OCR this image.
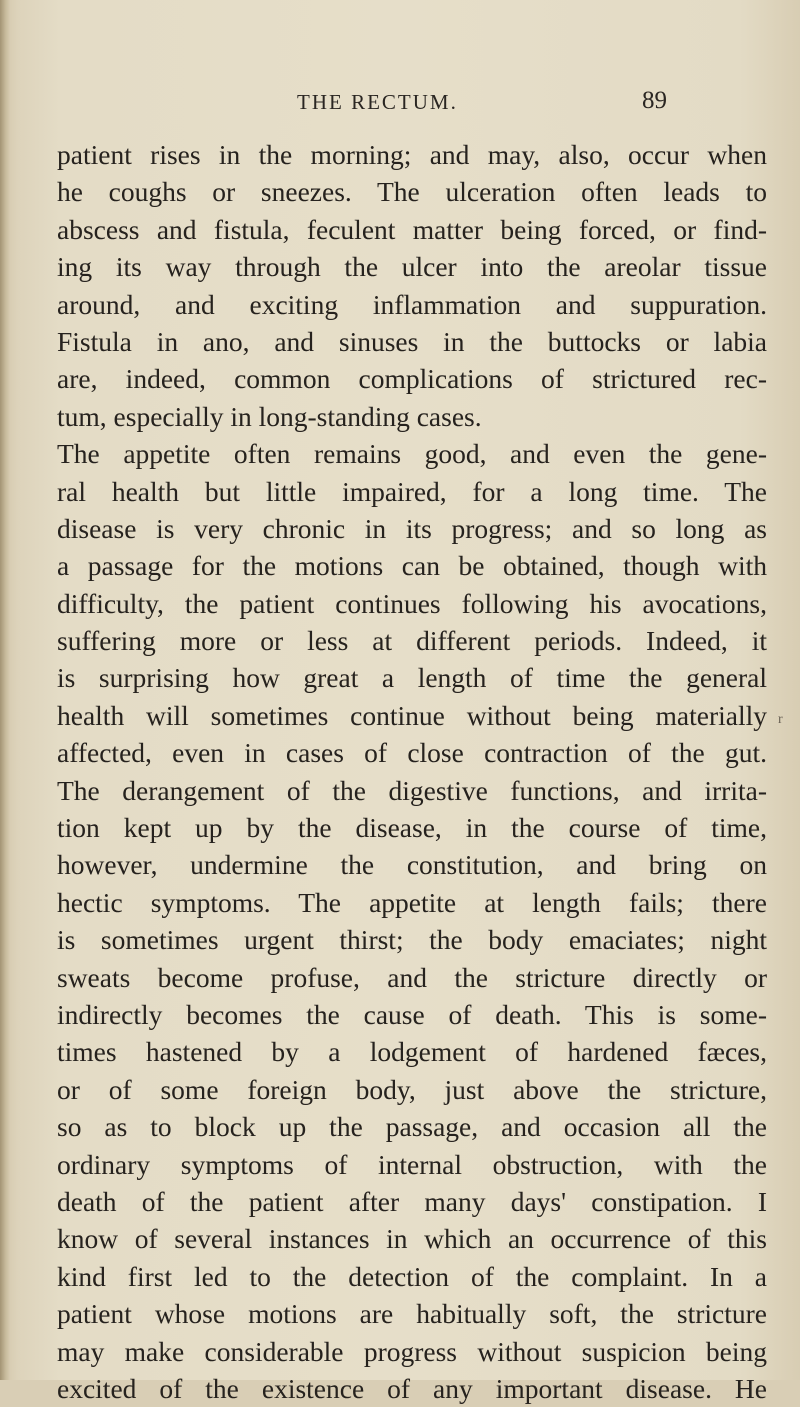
THE RECTUM.	89
patient rises in the morning; and may, also, occur when
he coughs or sneezes. The ulceration often leads to
abscess and fistula, feculent matter being forced, or find-
ing its way through the ulcer into the areolar tissue
around, and exciting inflammation and suppuration.
Fistula in ano, and sinuses in the buttocks or labia
are, indeed, common complications of strictured rec-
tum, especially in long-standing cases.
The appetite often remains good, and even the gene-
ral health but little impaired, for a long time. The
disease is very chronic in its progress; and so long as
a passage for the motions can be obtained, though with
difficulty, the patient continues following his avocations,
suffering more or less at different periods. Indeed, it
is surprising how great a length of time the general
health will sometimes continue without being materially
affected, even in cases of close contraction of the gut.
The derangement of the digestive functions, and irrita-
tion kept up by the disease, in the course of time,
however, undermine the constitution, and bring on
hectic symptoms. The appetite at length fails; there
is sometimes urgent thirst; the body emaciates; night
sweats become profuse, and the stricture directly or
indirectly becomes the cause of death. This is some-
times hastened by a lodgement of hardened fæces,
or of some foreign body, just above the stricture,
so as to block up the passage, and occasion all the
ordinary symptoms of internal obstruction, with the
death of the patient after many days' constipation. I
know of several instances in which an occurrence of this
kind first led to the detection of the complaint. In a
patient whose motions are habitually soft, the stricture
may make considerable progress without suspicion being
excited of the existence of any important disease. He
r
